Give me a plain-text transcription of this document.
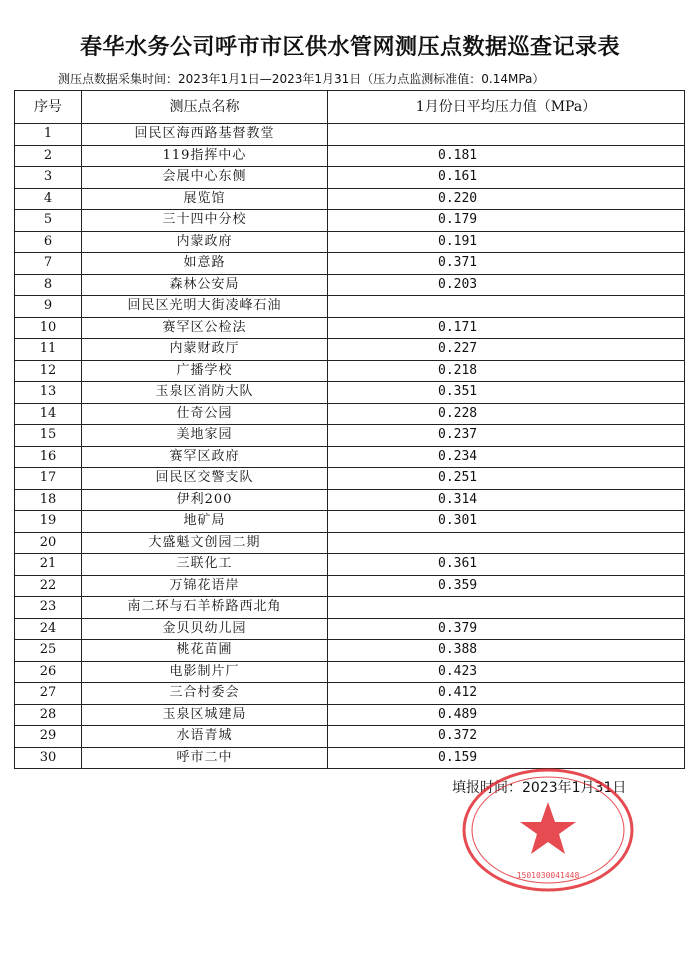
春华水务公司呼市市区供水管网测压点数据巡查记录表
测压点数据采集时间：2023年1月1日—2023年1月31日（压力点监测标准值：0.14MPa）
序号	测压点名称	1月份日平均压力值（MPa）
1	回民区海西路基督教堂	
2	119指挥中心	0.181
3	会展中心东侧	0.161
4	展览馆	0.220
5	三十四中分校	0.179
6	内蒙政府	0.191
7	如意路	0.371
8	森林公安局	0.203
9	回民区光明大街凌峰石油	
10	赛罕区公检法	0.171
11	内蒙财政厅	0.227
12	广播学校	0.218
13	玉泉区消防大队	0.351
14	仕奇公园	0.228
15	美地家园	0.237
16	赛罕区政府	0.234
17	回民区交警支队	0.251
18	伊利200	0.314
19	地矿局	0.301
20	大盛魁文创园二期	
21	三联化工	0.361
22	万锦花语岸	0.359
23	南二环与石羊桥路西北角	
24	金贝贝幼儿园	0.379
25	桃花苗圃	0.388
26	电影制片厂	0.423
27	三合村委会	0.412
28	玉泉区城建局	0.489
29	水语青城	0.372
30	呼市二中	0.159
填报时间：2023年1月31日
1501030041448
